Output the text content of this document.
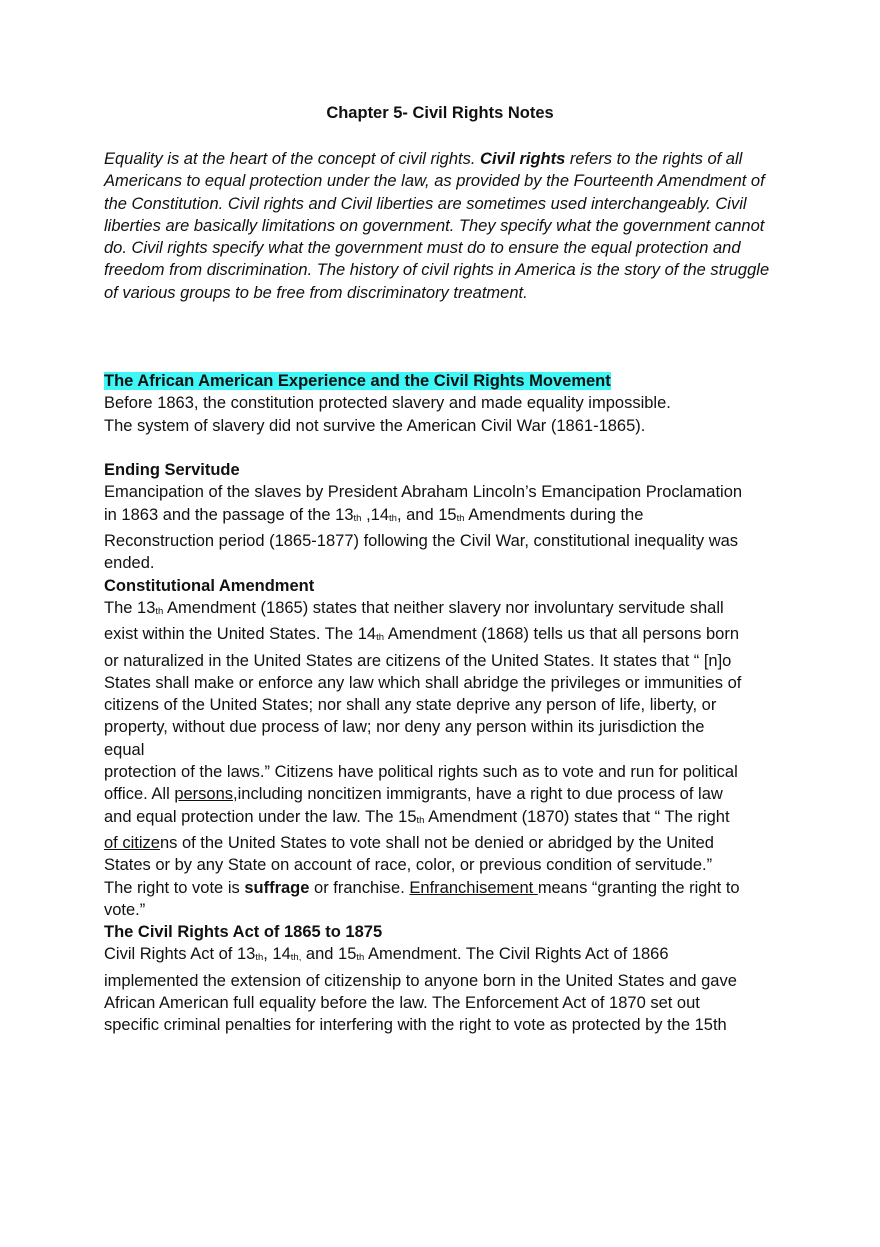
Chapter 5- Civil Rights Notes
Equality is at the heart of the concept of civil rights. Civil rights refers to the rights of all Americans to equal protection under the law, as provided by the Fourteenth Amendment of the Constitution. Civil rights and Civil liberties are sometimes used interchangeably. Civil liberties are basically limitations on government. They specify what the government cannot do. Civil rights specify what the government must do to ensure the equal protection and freedom from discrimination. The history of civil rights in America is the story of the struggle of various groups to be free from discriminatory treatment.
The African American Experience and the Civil Rights Movement
Before 1863, the constitution protected slavery and made equality impossible.
The system of slavery did not survive the American Civil War (1861-1865).
Ending Servitude
Emancipation of the slaves by President Abraham Lincoln’s Emancipation Proclamation
in 1863 and the passage of the 13th ,14th, and 15th Amendments during the
Reconstruction period (1865-1877) following the Civil War, constitutional inequality was
ended.
Constitutional Amendment
The 13th Amendment (1865) states that neither slavery nor involuntary servitude shall
exist within the United States. The 14th Amendment (1868) tells us that all persons born
or naturalized in the United States are citizens of the United States. It states that “ [n]o
States shall make or enforce any law which shall abridge the privileges or immunities of
citizens of the United States; nor shall any state deprive any person of life, liberty, or
property, without due process of law; nor deny any person within its jurisdiction the
equal
protection of the laws.” Citizens have political rights such as to vote and run for political
office. All persons,including noncitizen immigrants, have a right to due process of law
and equal protection under the law. The 15th Amendment (1870) states that “ The right
of citizens of the United States to vote shall not be denied or abridged by the United
States or by any State on account of race, color, or previous condition of servitude.”
The right to vote is suffrage or franchise. Enfranchisement means “granting the right to
vote.”
The Civil Rights Act of 1865 to 1875
Civil Rights Act of 13th, 14th, and 15th Amendment. The Civil Rights Act of 1866
implemented the extension of citizenship to anyone born in the United States and gave
African American full equality before the law. The Enforcement Act of 1870 set out
specific criminal penalties for interfering with the right to vote as protected by the 15th
